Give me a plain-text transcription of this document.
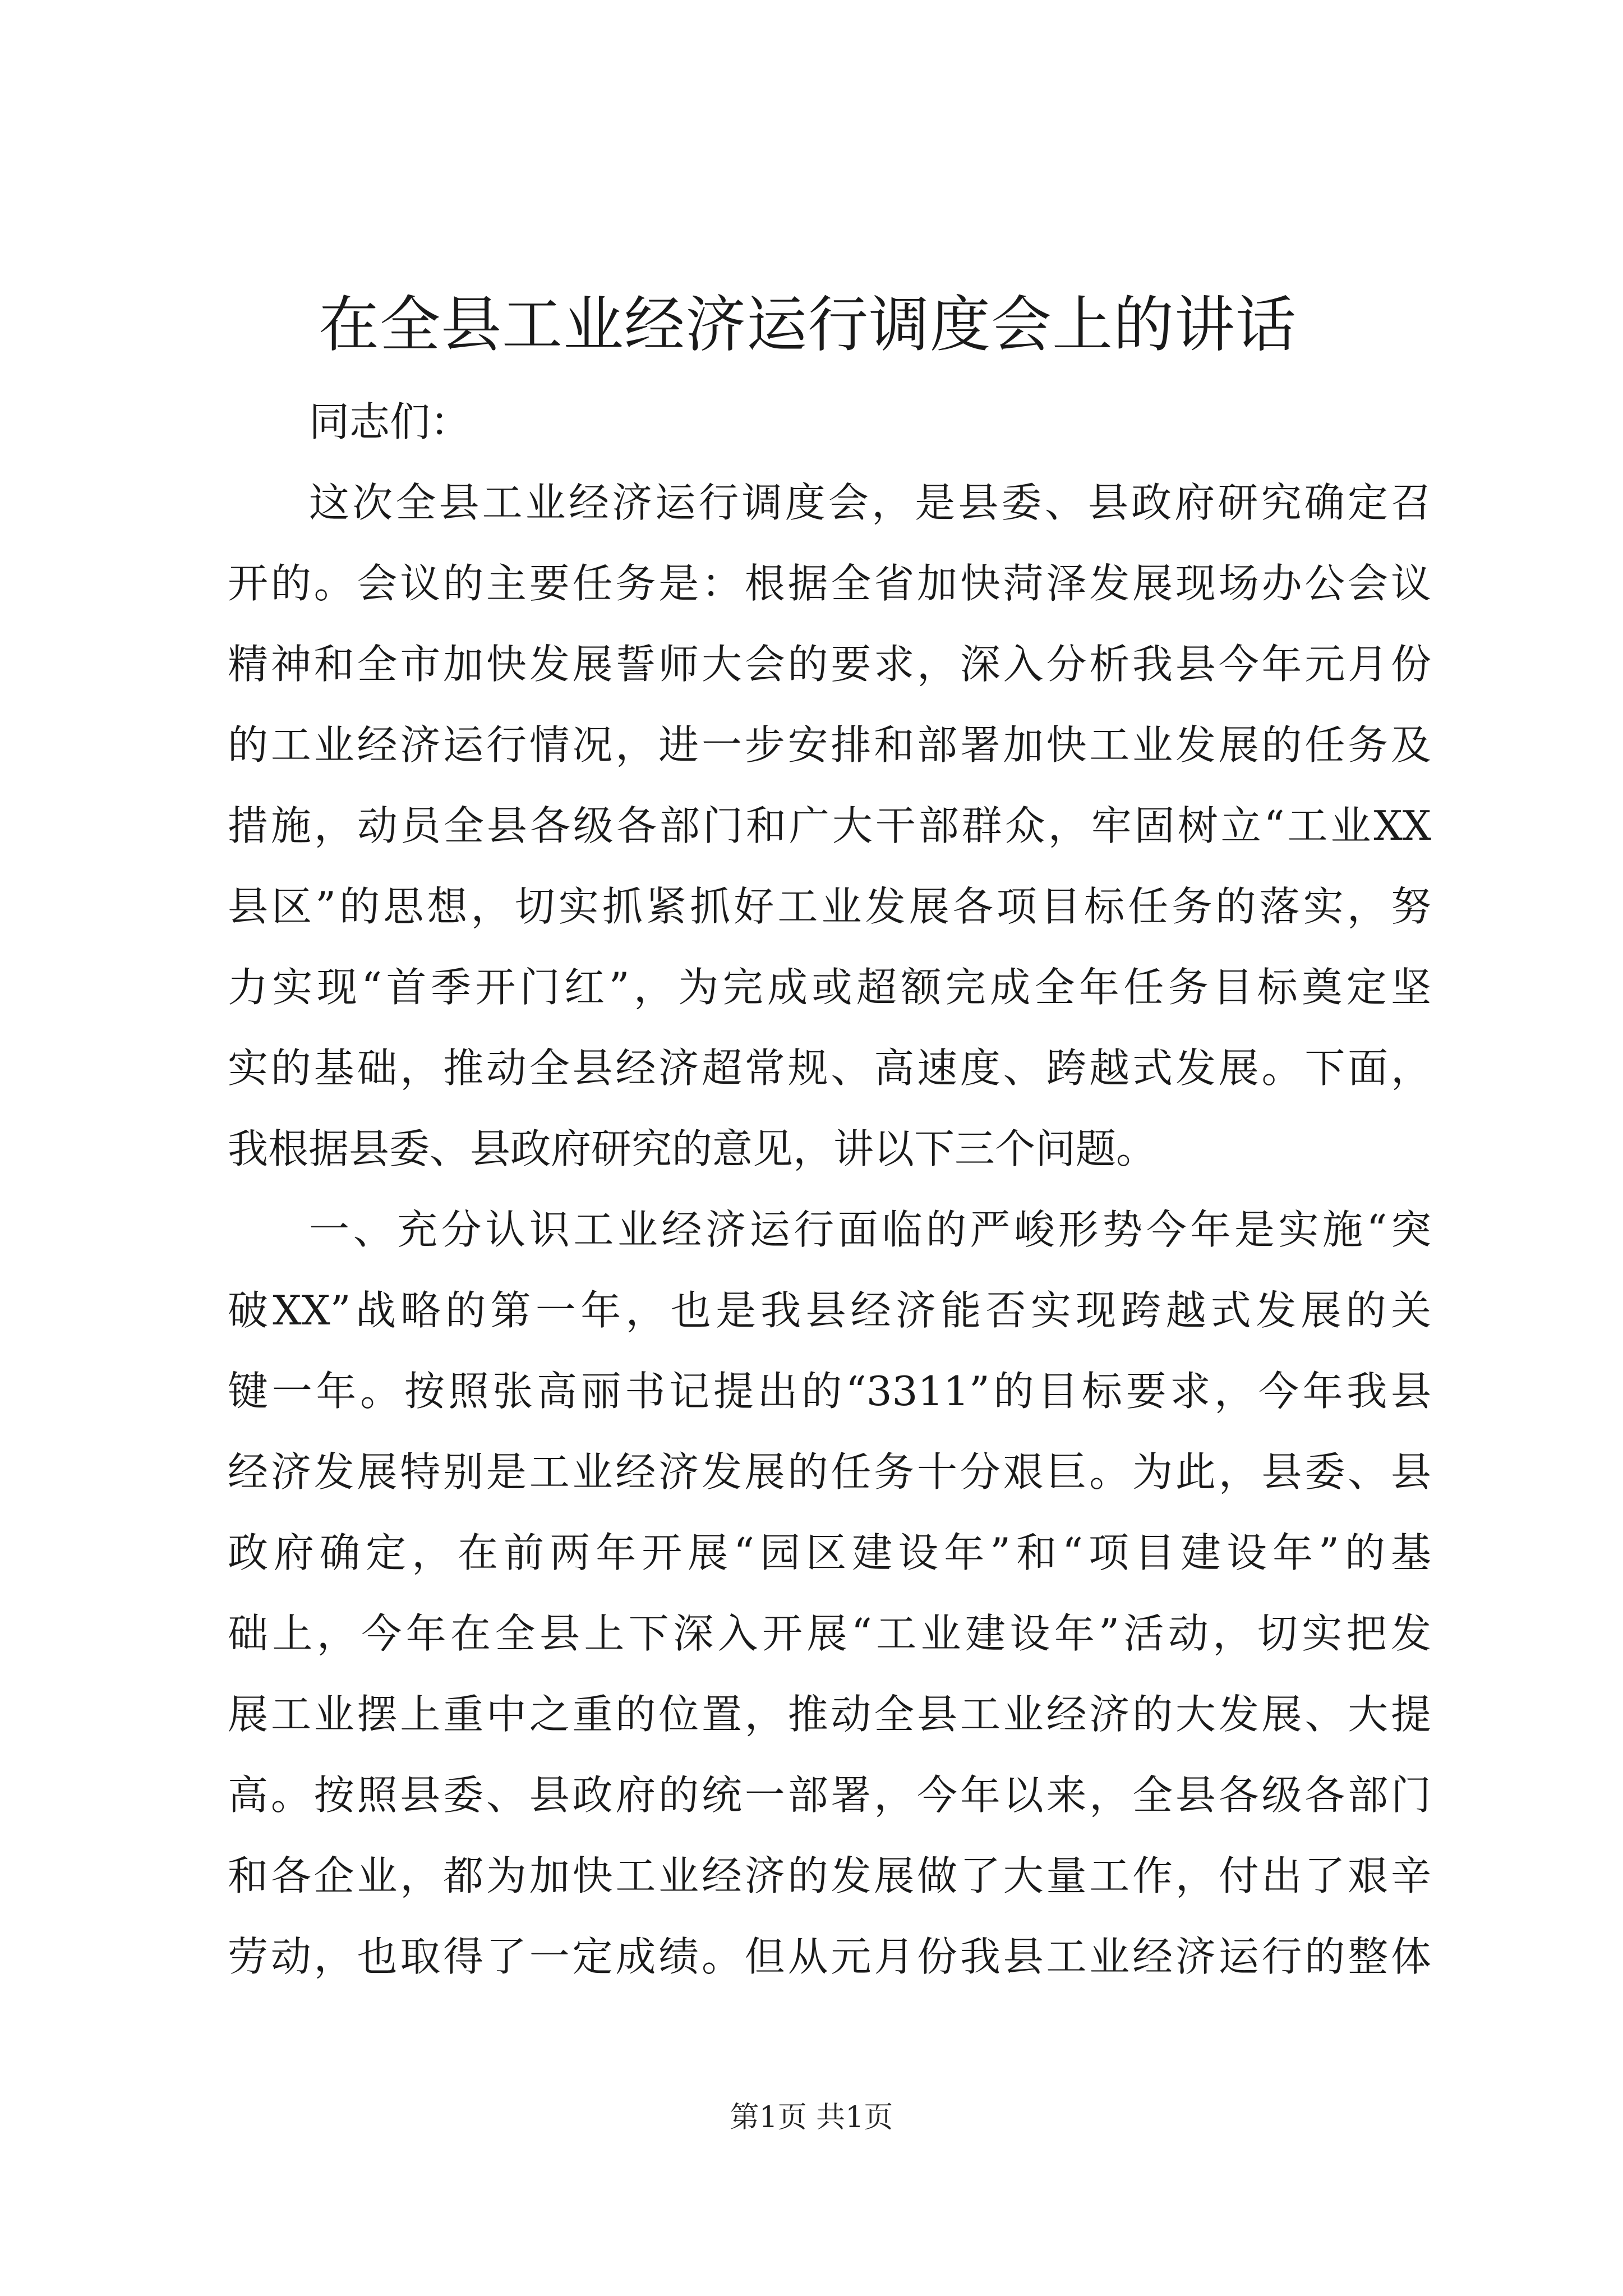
在全县工业经济运行调度会上的讲话
同志们：
这次全县工业经济运行调度会，是县委、县政府研究确定召
开的。会议的主要任务是：根据全省加快菏泽发展现场办公会议
精神和全市加快发展誓师大会的要求，深入分析我县今年元月份
的工业经济运行情况，进一步安排和部署加快工业发展的任务及
措施，动员全县各级各部门和广大干部群众，牢固树立“工业XX
县区”的思想，切实抓紧抓好工业发展各项目标任务的落实，努
力实现“首季开门红”，为完成或超额完成全年任务目标奠定坚
实的基础，推动全县经济超常规、高速度、跨越式发展。下面，
我根据县委、县政府研究的意见，讲以下三个问题。
一、充分认识工业经济运行面临的严峻形势今年是实施“突
破XX”战略的第一年，也是我县经济能否实现跨越式发展的关
键一年。按照张高丽书记提出的“3311”的目标要求，今年我县
经济发展特别是工业经济发展的任务十分艰巨。为此，县委、县
政府确定，在前两年开展“园区建设年”和“项目建设年”的基
础上，今年在全县上下深入开展“工业建设年”活动，切实把发
展工业摆上重中之重的位置，推动全县工业经济的大发展、大提
高。按照县委、县政府的统一部署，今年以来，全县各级各部门
和各企业，都为加快工业经济的发展做了大量工作，付出了艰辛
劳动，也取得了一定成绩。但从元月份我县工业经济运行的整体
第1页 共1页
